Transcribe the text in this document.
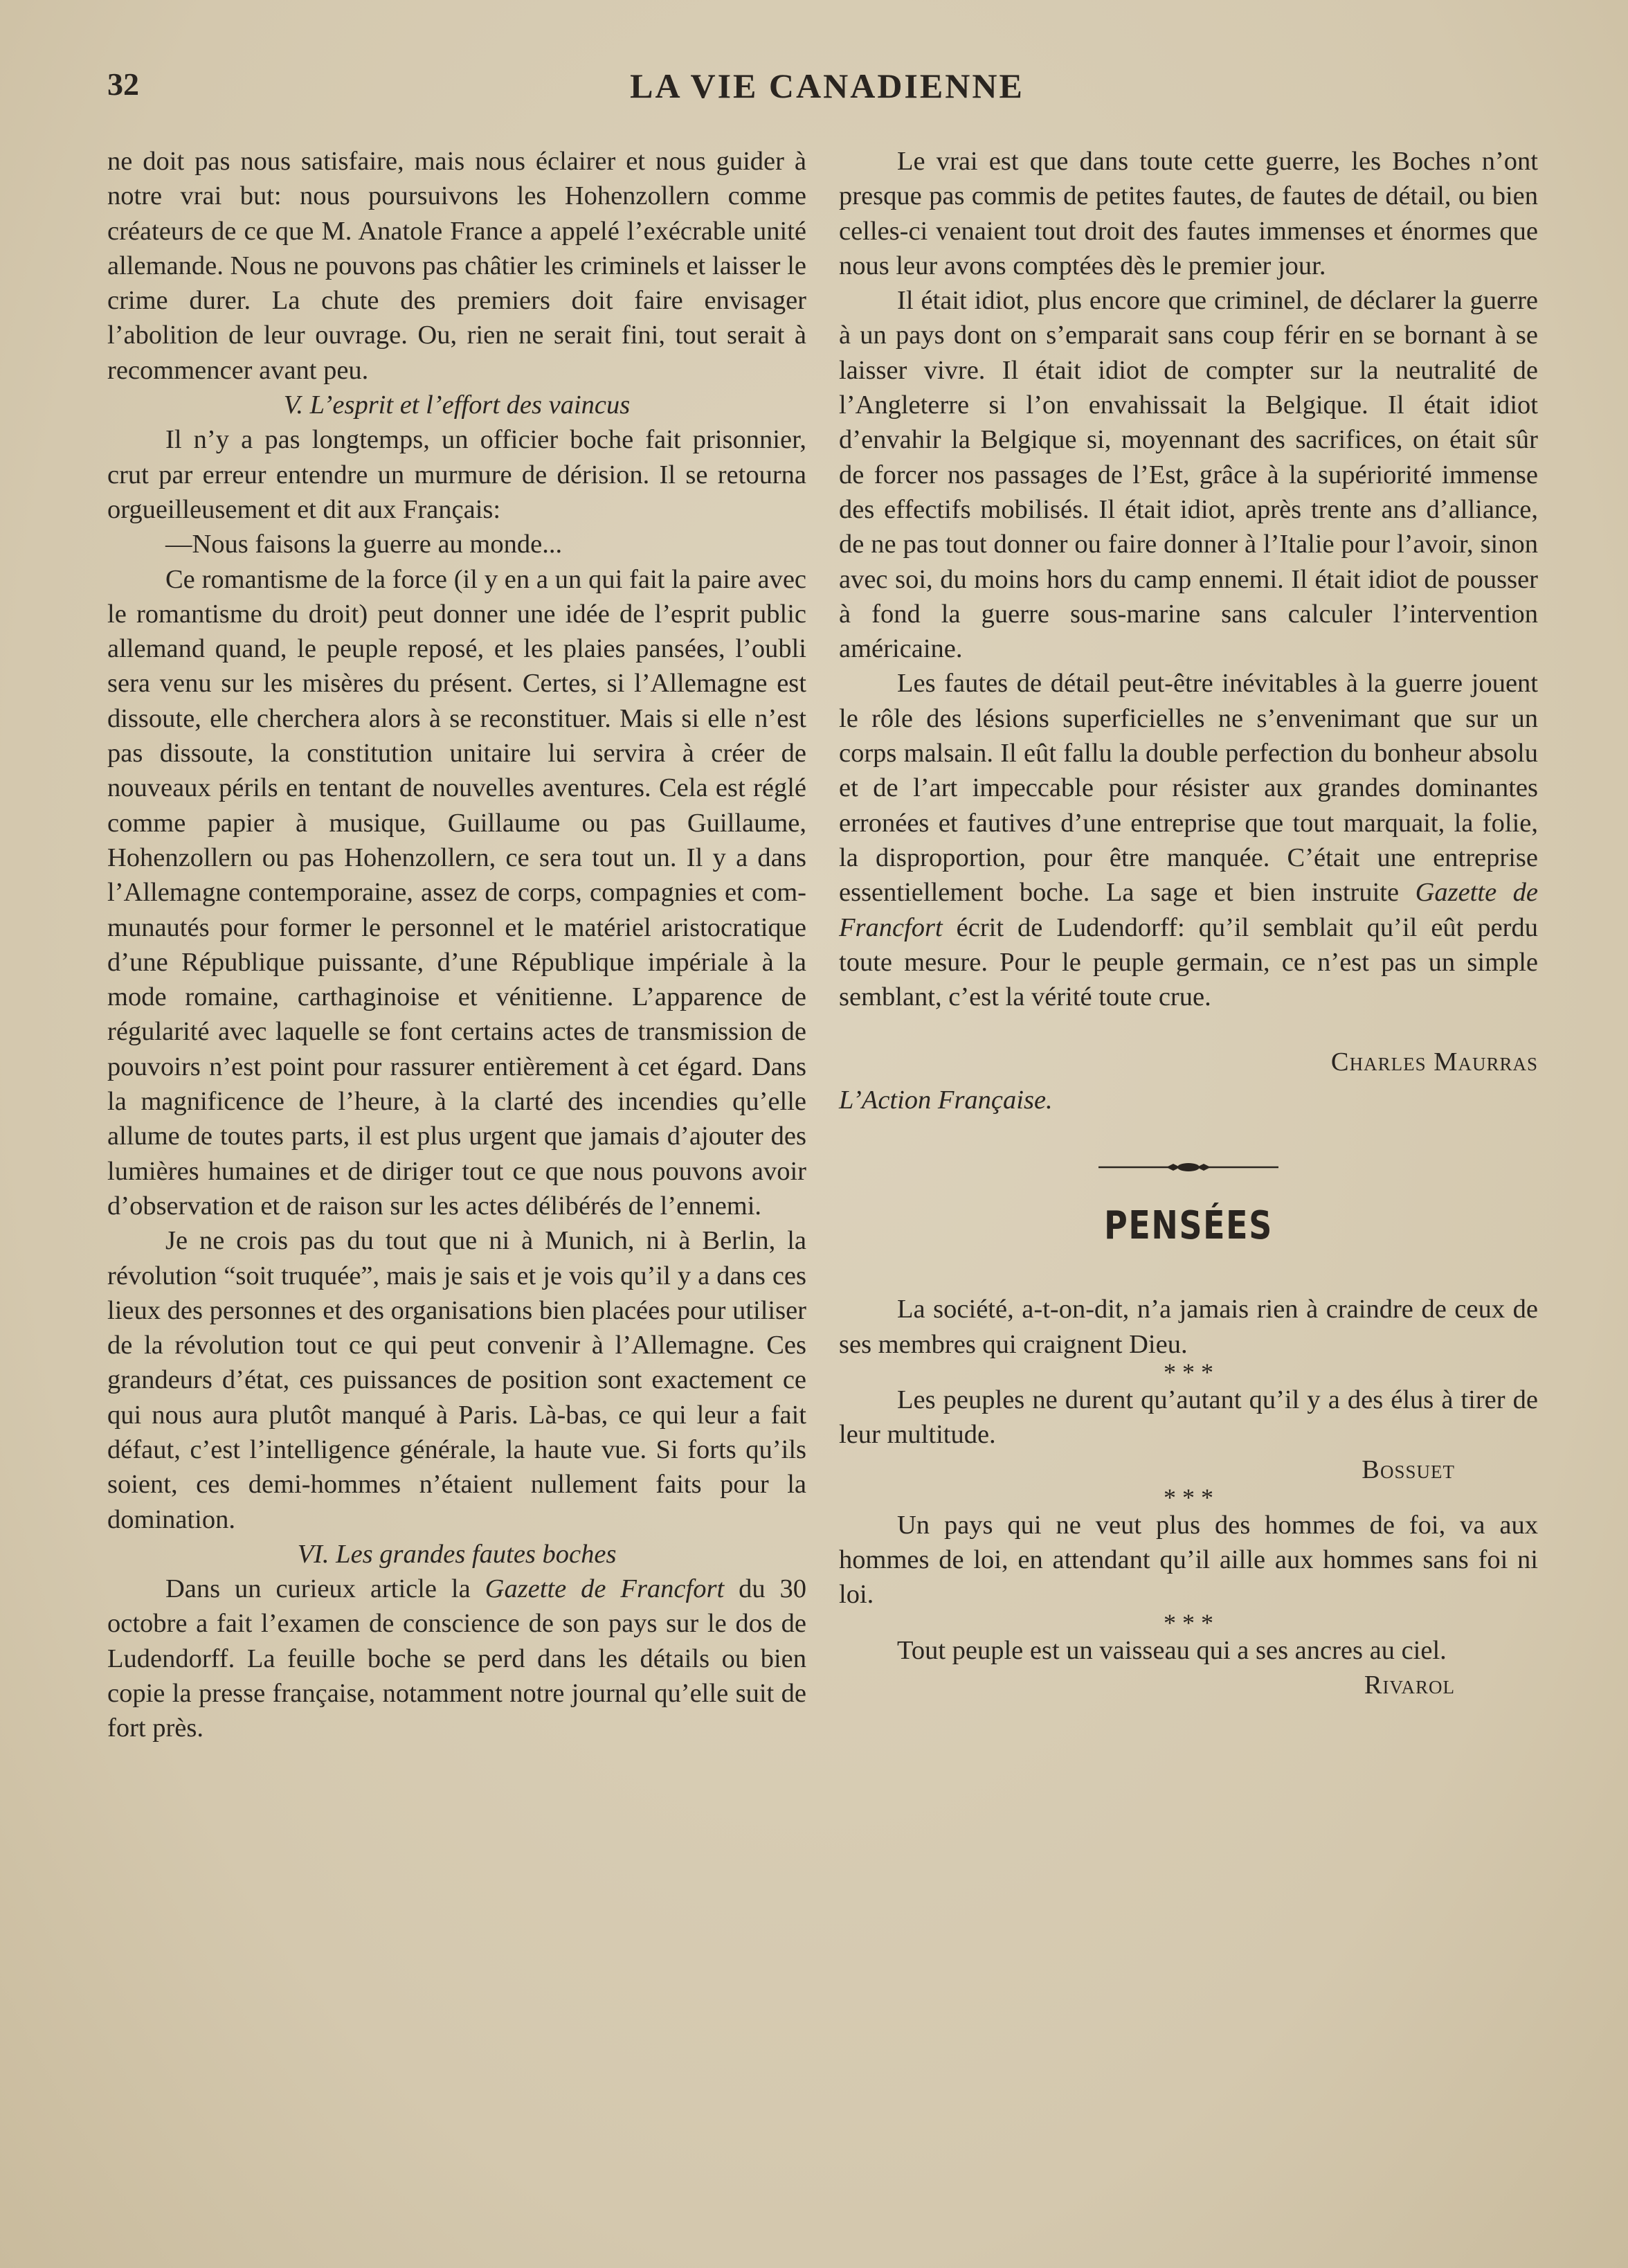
32	LA VIE CANADIENNE

ne doit pas nous satisfaire, mais nous éclairer et nous guider à notre vrai but: nous poursuivons les Hohenzollern comme créateurs de ce que M. Anatole France a appelé l’exécrable unité allemande. Nous ne pouvons pas châtier les criminels et laisser le crime durer. La chute des premiers doit faire envisager l’abolition de leur ouvrage. Ou, rien ne serait fini, tout serait à recommencer avant peu.

V. L’esprit et l’effort des vaincus

Il n’y a pas longtemps, un officier boche fait prisonnier, crut par erreur entendre un murmure de dérision. Il se retourna orgueilleusement et dit aux Français:

—Nous faisons la guerre au monde...

Ce romantisme de la force (il y en a un qui fait la paire avec le romantisme du droit) peut donner une idée de l’esprit public allemand quand, le peuple reposé, et les plaies pansées, l’oubli sera venu sur les misères du présent. Certes, si l’Allemagne est dissoute, elle cherchera alors à se reconstituer. Mais si elle n’est pas dissoute, la constitution unitaire lui servira à créer de nouveaux périls en tentant de nouvelles aventures. Cela est réglé comme papier à musique, Guillaume ou pas Guillaume, Hohenzollern ou pas Hohenzollern, ce sera tout un. Il y a dans l’Allemagne contemporaine, assez de corps, compagnies et communautés pour former le personnel et le matériel aristocratique d’une République puissante, d’une République impériale à la mode romaine, carthaginoise et vénitienne. L’apparence de régularité avec laquelle se font certains actes de transmission de pouvoirs n’est point pour rassurer entièrement à cet égard. Dans la magnificence de l’heure, à la clarté des incendies qu’elle allume de toutes parts, il est plus urgent que jamais d’ajouter des lumières humaines et de diriger tout ce que nous pouvons avoir d’observation et de raison sur les actes délibérés de l’ennemi.

Je ne crois pas du tout que ni à Munich, ni à Berlin, la révolution “soit truquée”, mais je sais et je vois qu’il y a dans ces lieux des personnes et des organisations bien placées pour utiliser de la révolution tout ce qui peut convenir à l’Allemagne. Ces grandeurs d’état, ces puissances de position sont exactement ce qui nous aura plutôt manqué à Paris. Là-bas, ce qui leur a fait défaut, c’est l’intelligence générale, la haute vue. Si forts qu’ils soient, ces demi-hommes n’étaient nullement faits pour la domination.

VI. Les grandes fautes boches

Dans un curieux article la Gazette de Francfort du 30 octobre a fait l’examen de conscience de son pays sur le dos de Ludendorff. La feuille boche se perd dans les détails ou bien copie la presse française, notamment notre journal qu’elle suit de fort près.

Le vrai est que dans toute cette guerre, les Boches n’ont presque pas commis de petites fautes, de fautes de détail, ou bien celles-ci venaient tout droit des fautes immenses et énormes que nous leur avons comptées dès le premier jour.

Il était idiot, plus encore que criminel, de déclarer la guerre à un pays dont on s’emparait sans coup férir en se bornant à se laisser vivre. Il était idiot de compter sur la neutralité de l’Angleterre si l’on envahissait la Belgique. Il était idiot d’envahir la Belgique si, moyennant des sacrifices, on était sûr de forcer nos passages de l’Est, grâce à la supériorité immense des effectifs mobilisés. Il était idiot, après trente ans d’alliance, de ne pas tout donner ou faire donner à l’Italie pour l’avoir, sinon avec soi, du moins hors du camp ennemi. Il était idiot de pousser à fond la guerre sous-marine sans calculer l’intervention américaine.

Les fautes de détail peut-être inévitables à la guerre jouent le rôle des lésions superficielles ne s’envenimant que sur un corps malsain. Il eût fallu la double perfection du bonheur absolu et de l’art impeccable pour résister aux grandes dominantes erronées et fautives d’une entreprise que tout marquait, la folie, la disproportion, pour être manquée. C’était une entreprise essentiellement boche. La sage et bien instruite Gazette de Francfort écrit de Ludendorff: qu’il semblait qu’il eût perdu toute mesure. Pour le peuple germain, ce n’est pas un simple semblant, c’est la vérité toute crue.

Charles Maurras

L’Action Française.

PENSÉES

La société, a-t-on-dit, n’a jamais rien à craindre de ceux de ses membres qui craignent Dieu.

* * *

Les peuples ne durent qu’autant qu’il y a des élus à tirer de leur multitude.

Bossuet

* * *

Un pays qui ne veut plus des hommes de foi, va aux hommes de loi, en attendant qu’il aille aux hommes sans foi ni loi.

* * *

Tout peuple est un vaisseau qui a ses ancres au ciel.

Rivarol
